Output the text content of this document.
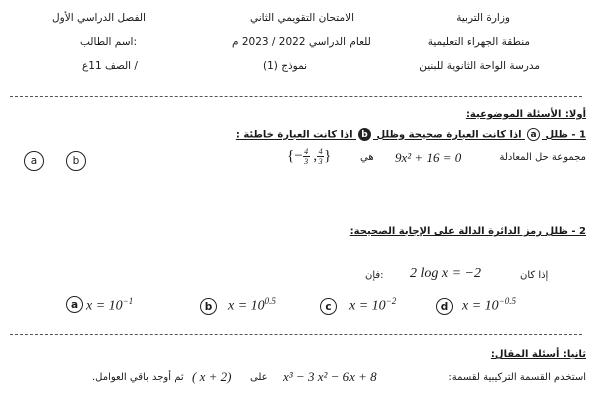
وزارة التربية
منطقة الجهراء التعليمية
مدرسة الواحة الثانوية للبنين
الامتحان التقويمي الثاني
للعام الدراسي 2022 / 2023 م
نموذج (1)
الفصل الدراسي الأول
اسم الطالب:
الصف 11ع /
أولا: الأسئلة الموضوعية:
1 - ظلل a اذا كانت العبارة صحيحة وظلل b اذا كانت العبارة خاطئة :
مجموعة حل المعادلة
9x² + 16 = 0
هي
{− $\frac{4}{3}$ , $\frac{4}{3}$ }
a	b
2 - ظلل رمز الدائرة الدالة على الإجابة الصحيحة:
إذا كان
2 log x = −2
فإن:
a $x = 10^{-1}$	b	$x = 10^{0.5}$	c	$x = 10^{-2}$	d $x = 10^{-0.5}$
ثانيا: أسئلة المقال:
استخدم القسمة التركيبية لقسمة:
x³ − 3 x² − 6x + 8
على
( x + 2)
ثم أوجد باقي العوامل.
